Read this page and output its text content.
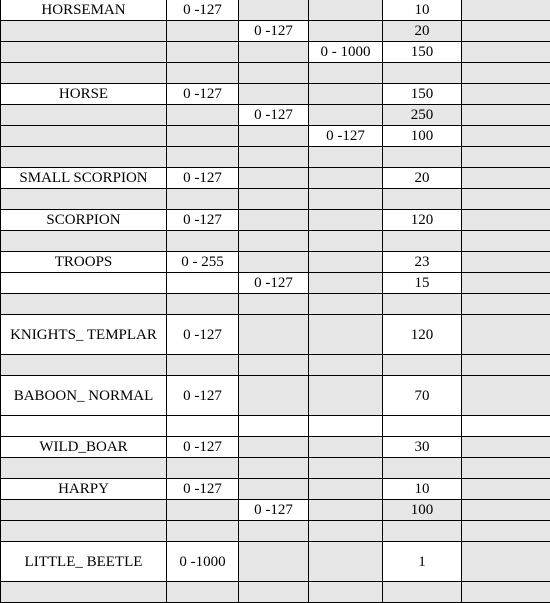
HORSEMAN	0 -127			10	
		0 -127		20	
			0 - 1000	150	

HORSE	0 -127			150	
		0 -127		250	
			0 -127	100	

SMALL SCORPION	0 -127			20	

SCORPION	0 -127			120	

TROOPS	0 - 255			23	
		0 -127		15	

KNIGHTS_ TEMPLAR	0 -127			120	

BABOON_ NORMAL	0 -127			70	

WILD_BOAR	0 -127			30	

HARPY	0 -127			10	
		0 -127		100	

LITTLE_ BEETLE	0 -1000			1	
